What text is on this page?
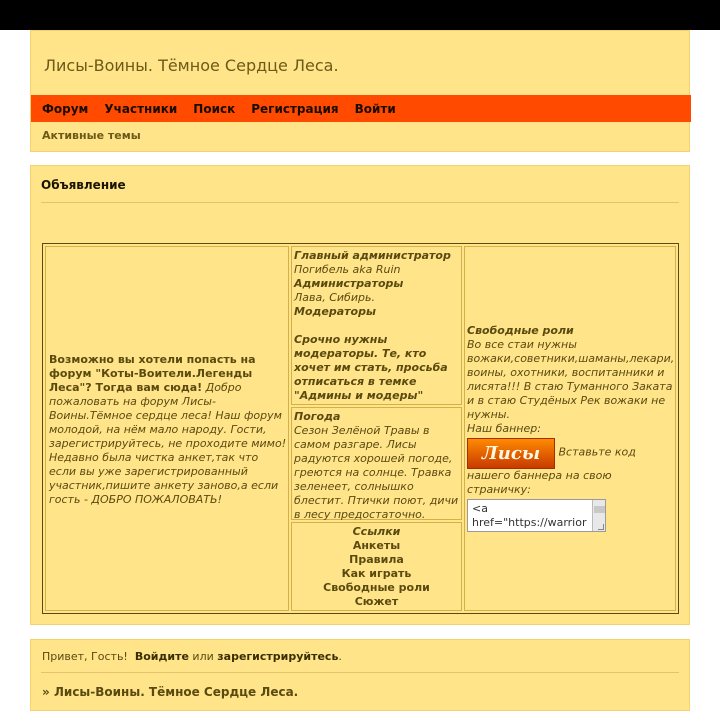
Лисы-Воины. Тёмное Сердце Леса.
Форум Участники Поиск Регистрация Войти
Активные темы
Объявление
Возможно вы хотели попасть на форум "Коты-Воители.Легенды Леса"? Тогда вам сюда! Добро пожаловать на форум Лисы-Воины.Тёмное сердце леса! Наш форум молодой, на нём мало народу. Гости, зарегистрируйтесь, не проходите мимо! Недавно была чистка анкет,так что если вы уже зарегистрированный участник,пишите анкету заново,а если гость - ДОБРО ПОЖАЛОВАТЬ!
Главный администратор
Погибель aka Ruin
Администраторы
Лава, Сибирь.
Модераторы
Срочно нужны модераторы. Те, кто хочет им стать, просьба отписаться в темке "Админы и модеры"
Погода
Сезон Зелёной Травы в самом разгаре. Лисы радуются хорошей погоде, греются на солнце. Травка зеленеет, солнышко блестит. Птички поют, дичи в лесу предостаточно.
Ссылки
Анкеты
Правила
Как играть
Свободные роли
Сюжет
Свободные роли
Во все стаи нужны вожаки,советники,шаманы,лекари, воины, охотники, воспитанники и лисята!!! В стаю Туманного Заката и в стаю Студёных Рек вожаки не нужны.
Наш баннер:
Лисы Вставьте код нашего баннера на свою страничку:
<a
href="https://warrior
Привет, Гость! Войдите или зарегистрируйтесь.
» Лисы-Воины. Тёмное Сердце Леса.
